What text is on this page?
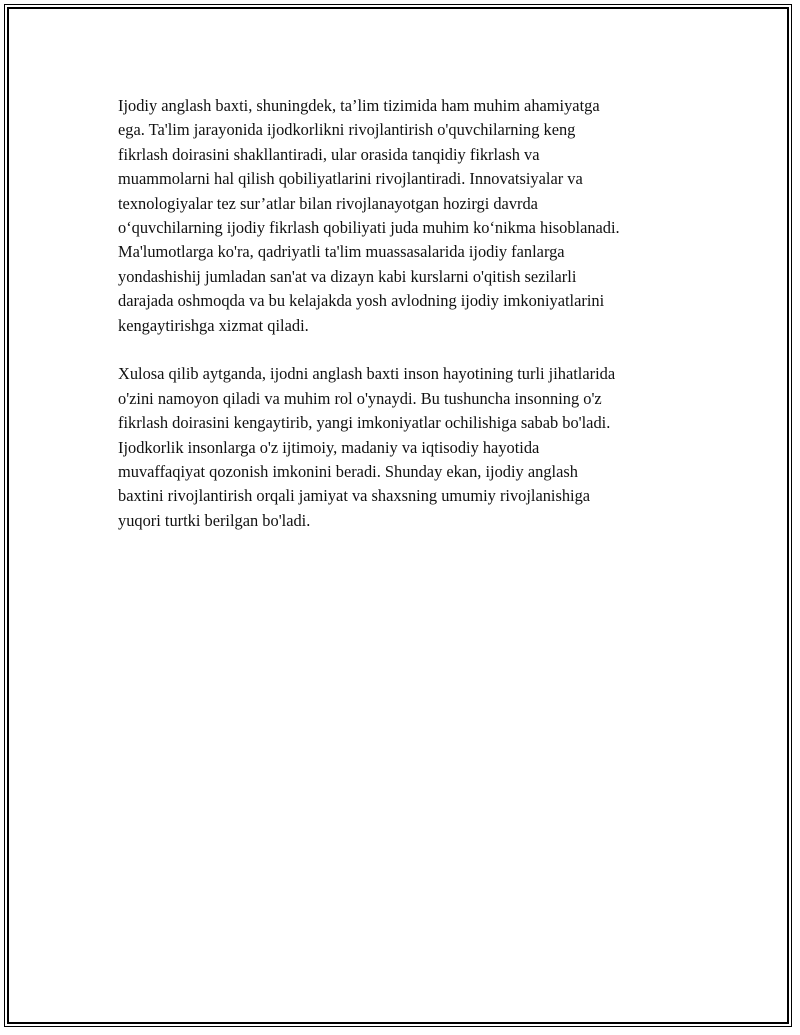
Ijodiy anglash baxti, shuningdek, ta’lim tizimida ham muhim ahamiyatga
ega. Ta'lim jarayonida ijodkorlikni rivojlantirish o'quvchilarning keng
fikrlash doirasini shakllantiradi, ular orasida tanqidiy fikrlash va
muammolarni hal qilish qobiliyatlarini rivojlantiradi. Innovatsiyalar va
texnologiyalar tez sur’atlar bilan rivojlanayotgan hozirgi davrda
o‘quvchilarning ijodiy fikrlash qobiliyati juda muhim ko‘nikma hisoblanadi.
Ma'lumotlarga ko'ra, qadriyatli ta'lim muassasalarida ijodiy fanlarga
yondashishij jumladan san'at va dizayn kabi kurslarni o'qitish sezilarli
darajada oshmoqda va bu kelajakda yosh avlodning ijodiy imkoniyatlarini
kengaytirishga xizmat qiladi.

Xulosa qilib aytganda, ijodni anglash baxti inson hayotining turli jihatlarida
o'zini namoyon qiladi va muhim rol o'ynaydi. Bu tushuncha insonning o'z
fikrlash doirasini kengaytirib, yangi imkoniyatlar ochilishiga sabab bo'ladi.
Ijodkorlik insonlarga o'z ijtimoiy, madaniy va iqtisodiy hayotida
muvaffaqiyat qozonish imkonini beradi. Shunday ekan, ijodiy anglash
baxtini rivojlantirish orqali jamiyat va shaxsning umumiy rivojlanishiga
yuqori turtki berilgan bo'ladi.
